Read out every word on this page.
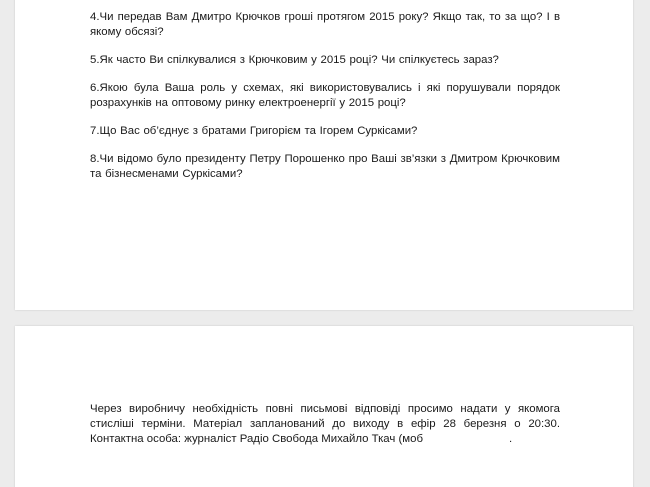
4.Чи передав Вам Дмитро Крючков гроші протягом 2015 року? Якщо так, то за що? І в якому обсязі?

5.Як часто Ви спілкувалися з Крючковим у 2015 році? Чи спілкуєтесь зараз?

6.Якою була Ваша роль у схемах, які використовувались і які порушували порядок розрахунків на оптовому ринку електроенергії у 2015 році?

7.Що Вас об’єднує з братами Григорієм та Ігорем Суркісами?

8.Чи відомо було президенту Петру Порошенко про Ваші зв’язки з Дмитром Крючковим та бізнесменами Суркісами?

Через виробничу необхідність повні письмові відповіді просимо надати у якомога
стисліші терміни. Матеріал запланований до виходу в ефір 28 березня о 20:30.
Контактна особа: журналіст Радіо Свобода Михайло Ткач (моб	.
